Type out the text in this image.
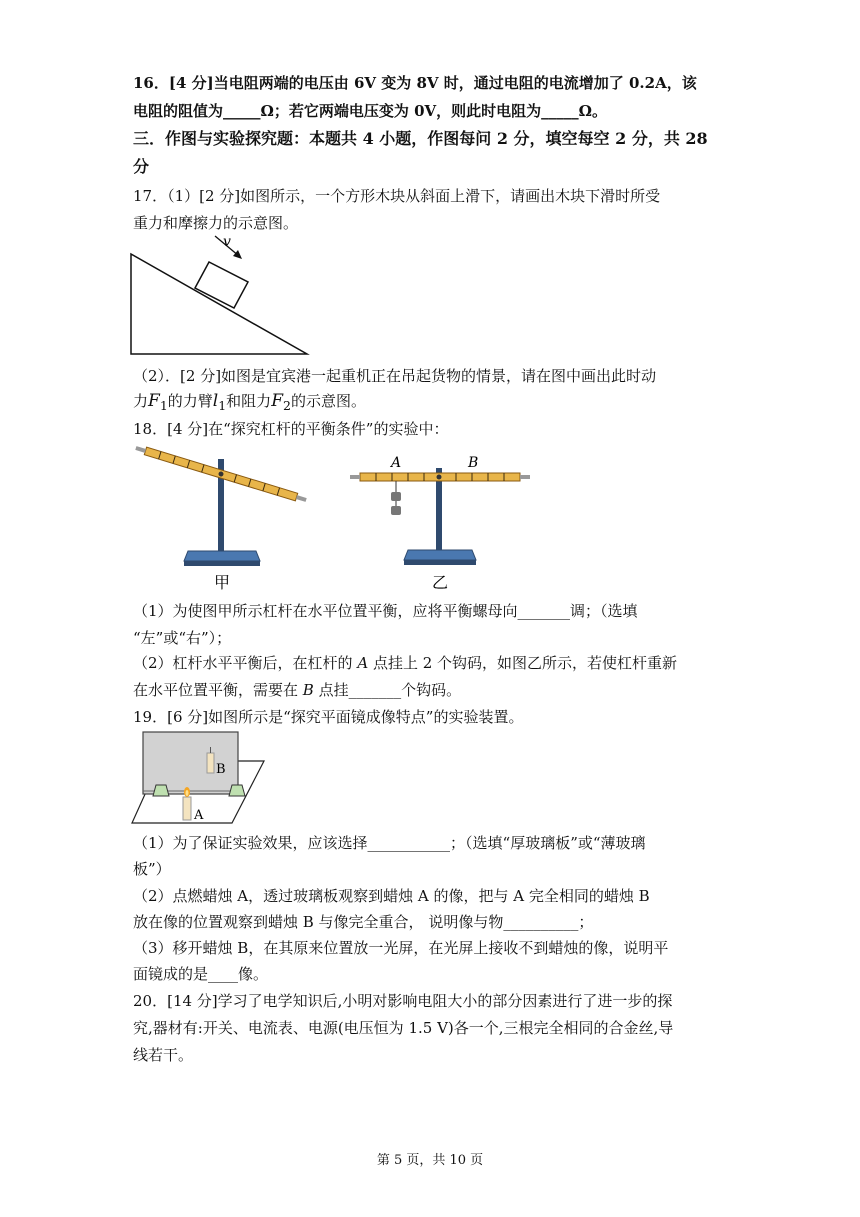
16．[4 分]当电阻两端的电压由 6V 变为 8V 时，通过电阻的电流增加了 0.2A，该
电阻的阻值为_____Ω；若它两端电压变为 0V，则此时电阻为_____Ω。
三．作图与实验探究题：本题共 4 小题，作图每问 2 分，填空每空 2 分，共 28
分
17．（1）[2 分]如图所示，一个方形木块从斜面上滑下，请画出木块下滑时所受
重力和摩擦力的示意图。
v
（2）．[2 分]如图是宜宾港一起重机正在吊起货物的情景，请在图中画出此时动
力$F_1$的力臂$l_1$和阻力$F_2$的示意图。
18．[4 分]在“探究杠杆的平衡条件”的实验中：
甲
A	B
乙
（1）为使图甲所示杠杆在水平位置平衡，应将平衡螺母向_______调；（选填
“左”或“右”）；
（2）杠杆水平平衡后，在杠杆的 A 点挂上 2 个钩码，如图乙所示，若使杠杆重新
在水平位置平衡，需要在 B 点挂_______个钩码。
19．[6 分]如图所示是“探究平面镜成像特点”的实验装置。
B
A
（1）为了保证实验效果，应该选择___________；（选填“厚玻璃板”或“薄玻璃
板”）
（2）点燃蜡烛 A，透过玻璃板观察到蜡烛 A 的像，把与 A 完全相同的蜡烛 B
放在像的位置观察到蜡烛 B 与像完全重合， 说明像与物__________；
（3）移开蜡烛 B，在其原来位置放一光屏，在光屏上接收不到蜡烛的像，说明平
面镜成的是____像。
20．[14 分]学习了电学知识后,小明对影响电阻大小的部分因素进行了进一步的探
究,器材有:开关、电流表、电源(电压恒为 1.5 V)各一个,三根完全相同的合金丝,导
线若干。
第 5 页，共 10 页
